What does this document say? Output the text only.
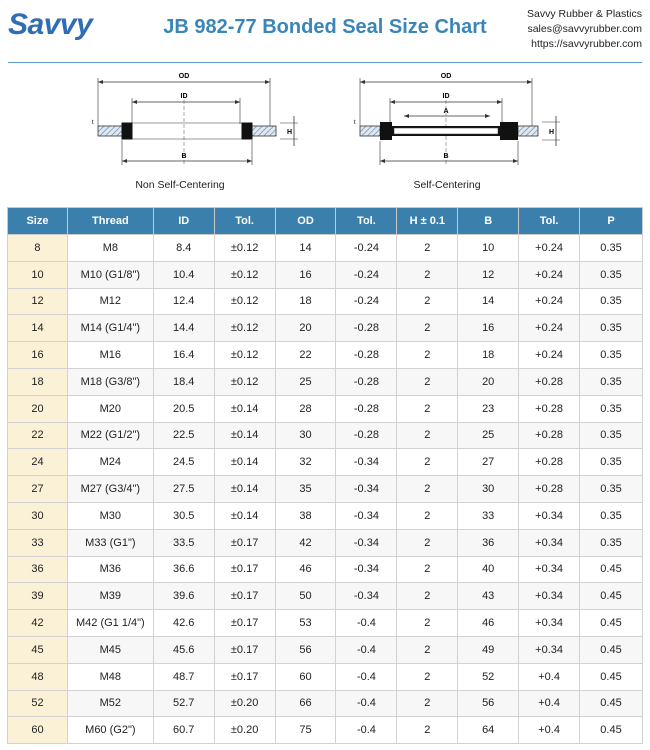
Savvy	JB 982-77 Bonded Seal Size Chart
Savvy Rubber & Plastics
sales@savvyrubber.com
https://savvyrubber.com
OD
ID
t
H
B
Non Self-Centering
OD
ID
A
t
H
B
Self-Centering
Size	Thread	ID	Tol.	OD	Tol.	H ± 0.1	B	Tol.	P
8	M8	8.4	±0.12	14	-0.24	2	10	+0.24	0.35
10	M10 (G1/8")	10.4	±0.12	16	-0.24	2	12	+0.24	0.35
12	M12	12.4	±0.12	18	-0.24	2	14	+0.24	0.35
14	M14 (G1/4")	14.4	±0.12	20	-0.28	2	16	+0.24	0.35
16	M16	16.4	±0.12	22	-0.28	2	18	+0.24	0.35
18	M18 (G3/8")	18.4	±0.12	25	-0.28	2	20	+0.28	0.35
20	M20	20.5	±0.14	28	-0.28	2	23	+0.28	0.35
22	M22 (G1/2")	22.5	±0.14	30	-0.28	2	25	+0.28	0.35
24	M24	24.5	±0.14	32	-0.34	2	27	+0.28	0.35
27	M27 (G3/4")	27.5	±0.14	35	-0.34	2	30	+0.28	0.35
30	M30	30.5	±0.14	38	-0.34	2	33	+0.34	0.35
33	M33 (G1")	33.5	±0.17	42	-0.34	2	36	+0.34	0.35
36	M36	36.6	±0.17	46	-0.34	2	40	+0.34	0.45
39	M39	39.6	±0.17	50	-0.34	2	43	+0.34	0.45
42	M42 (G1 1/4")	42.6	±0.17	53	-0.4	2	46	+0.34	0.45
45	M45	45.6	±0.17	56	-0.4	2	49	+0.34	0.45
48	M48	48.7	±0.17	60	-0.4	2	52	+0.4	0.45
52	M52	52.7	±0.20	66	-0.4	2	56	+0.4	0.45
60	M60 (G2")	60.7	±0.20	75	-0.4	2	64	+0.4	0.45
